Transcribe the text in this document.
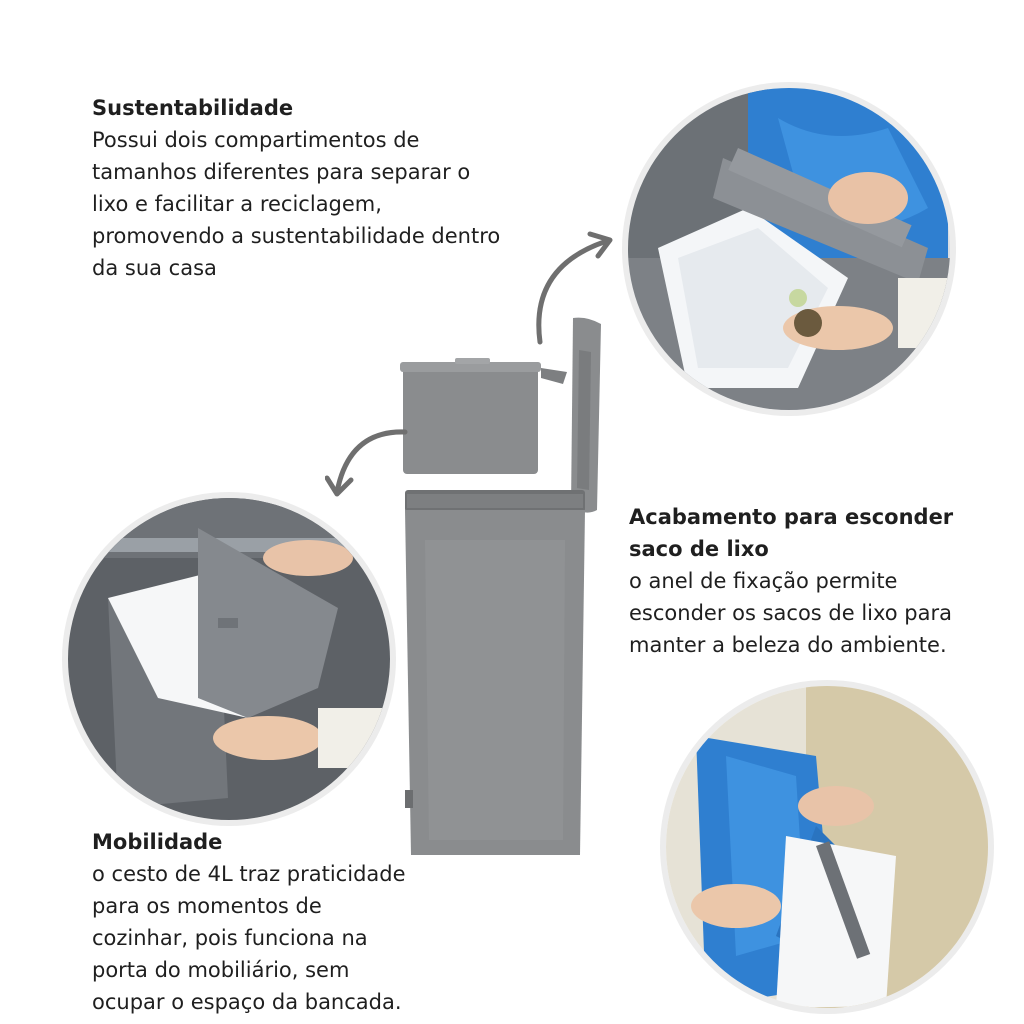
Sustentabilidade

Possui dois compartimentos de

tamanhos diferentes para separar o

lixo e facilitar a reciclagem,

promovendo a sustentabilidade dentro

da sua casa

Acabamento para esconder
saco de lixo

o anel de fixação permite

esconder os sacos de lixo para

manter a beleza do ambiente.

Mobilidade

o cesto de 4L traz praticidade

para os momentos de

cozinhar, pois funciona na

porta do mobiliário, sem

ocupar o espaço da bancada.
